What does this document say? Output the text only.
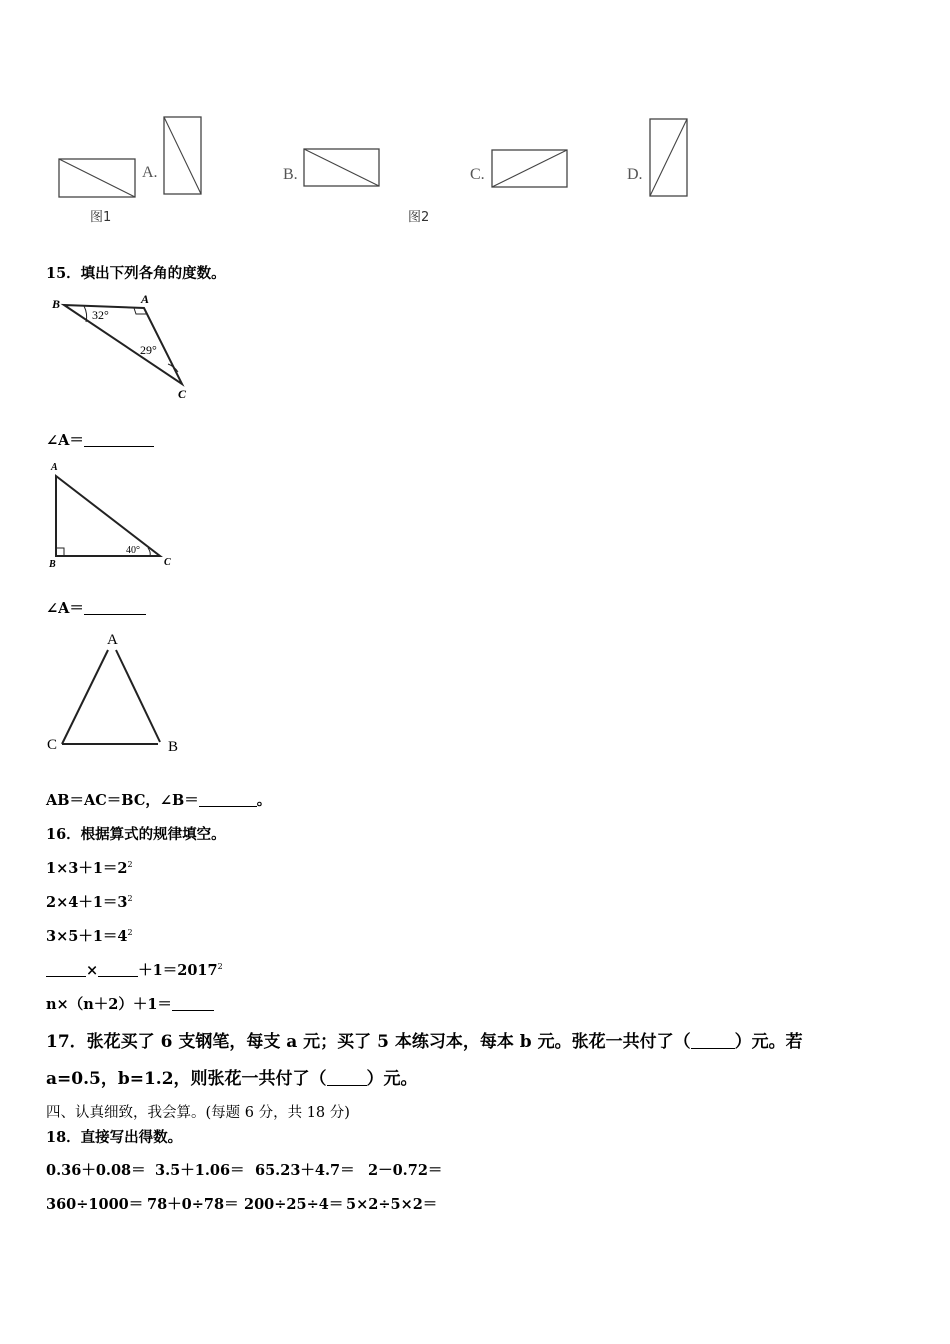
图1
A.	B.
图2
C.	D.
15．填出下列各角的度数。
B	A
C
32°
29°
∠A＝
A
B	C
40°
∠A＝
A
C	B
AB＝AC＝BC，∠B＝	。
16．根据算式的规律填空。
$1\times 3+1=2^2$
$2\times 4+1=3^2$
$3\times 5+1=4^2$
×	$+1=2017^2$
n×（n＋2）＋1＝
17．张花买了 6 支钢笔，每支 a 元；买了 5 本练习本，每本 b 元。张花一共付了（	）元。若
a=0.5，b=1.2，则张花一共付了（ ）元。
四、认真细致，我会算。(每题 6 分，共 18 分)
18．直接写出得数。
0.36＋0.08＝ 3.5＋1.06＝ 65.23＋4.7＝ 2－0.72＝
360÷1000＝ 78＋0÷78＝ 200÷25÷4＝ 5×2÷5×2＝
